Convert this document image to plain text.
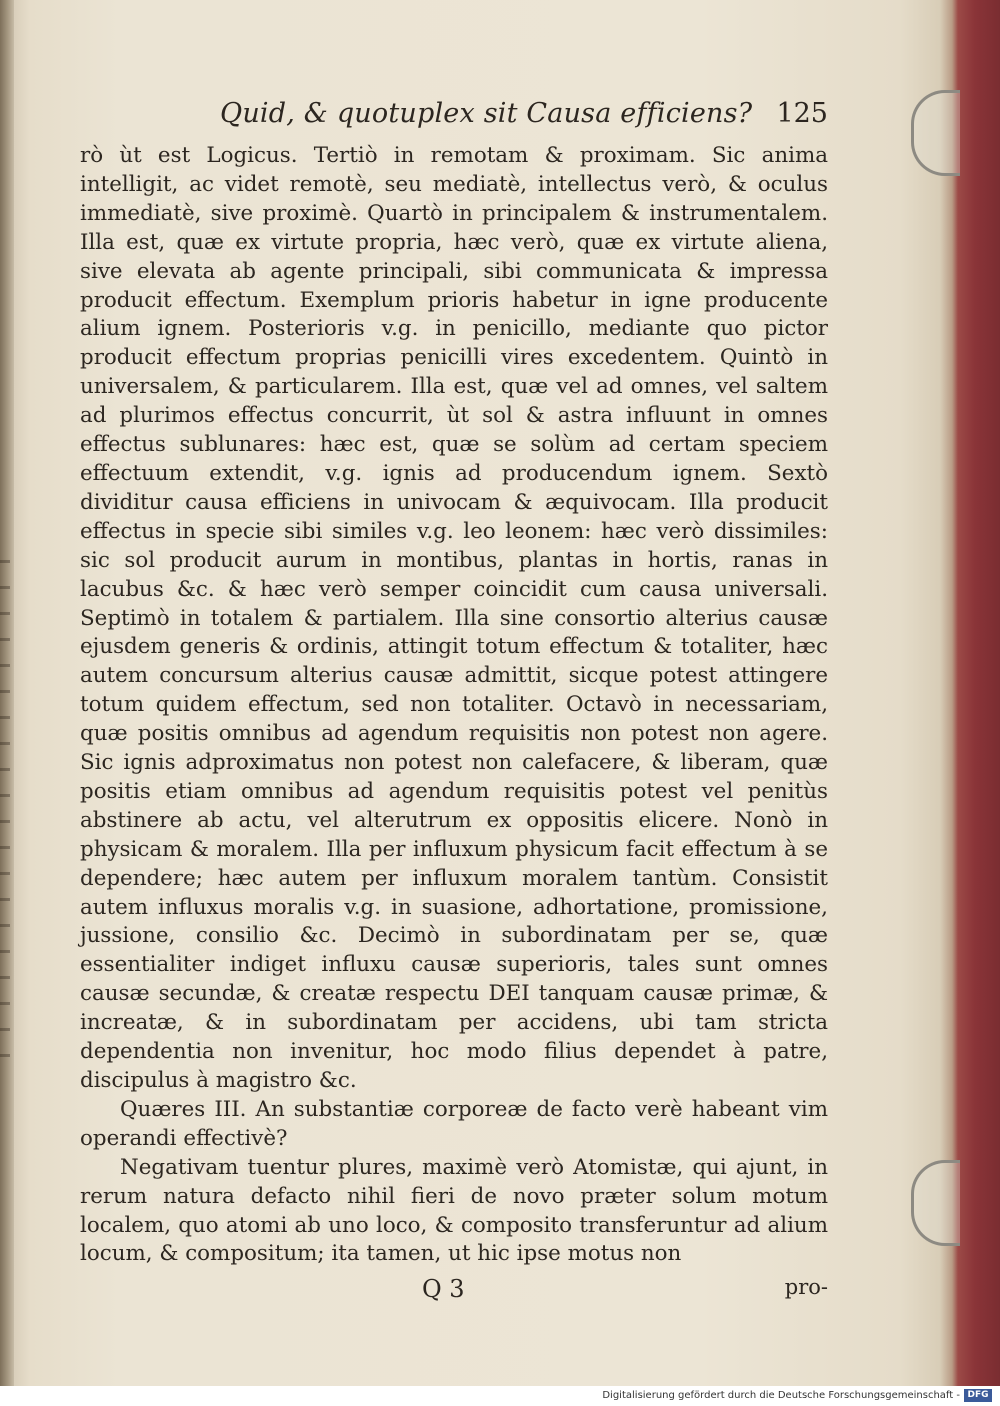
Quid, & quotuplex sit Causa efficiens? 125

rò ùt est Logicus. Tertiò in remotam & proximam. Sic anima intelligit, ac videt remotè, seu mediatè, intellectus verò, & oculus immediatè, sive proximè. Quartò in principalem & instrumentalem. Illa est, quæ ex virtute propria, hæc verò, quæ ex virtute aliena, sive elevata ab agente principali, sibi communicata & impressa producit effectum. Exemplum prioris habetur in igne producente alium ignem. Posterioris v.g. in penicillo, mediante quo pictor producit effectum proprias penicilli vires excedentem. Quintò in universalem, & particularem. Illa est, quæ vel ad omnes, vel saltem ad plurimos effectus concurrit, ùt sol & astra influunt in omnes effectus sublunares: hæc est, quæ se solùm ad certam speciem effectuum extendit, v.g. ignis ad producendum ignem. Sextò dividitur causa efficiens in univocam & æquivocam. Illa producit effectus in specie sibi similes v.g. leo leonem: hæc verò dissimiles: sic sol producit aurum in montibus, plantas in hortis, ranas in lacubus &c. & hæc verò semper coincidit cum causa universali. Septimò in totalem & partialem. Illa sine consortio alterius causæ ejusdem generis & ordinis, attingit totum effectum & totaliter, hæc autem concursum alterius causæ admittit, sicque potest attingere totum quidem effectum, sed non totaliter. Octavò in necessariam, quæ positis omnibus ad agendum requisitis non potest non agere. Sic ignis adproximatus non potest non calefacere, & liberam, quæ positis etiam omnibus ad agendum requisitis potest vel penitùs abstinere ab actu, vel alterutrum ex oppositis elicere. Nonò in physicam & moralem. Illa per influxum physicum facit effectum à se dependere; hæc autem per influxum moralem tantùm. Consistit autem influxus moralis v.g. in suasione, adhortatione, promissione, jussione, consilio &c. Decimò in subordinatam per se, quæ essentialiter indiget influxu causæ superioris, tales sunt omnes causæ secundæ, & creatæ respectu DEI tanquam causæ primæ, & increatæ, & in subordinatam per accidens, ubi tam stricta dependentia non invenitur, hoc modo filius dependet à patre, discipulus à magistro &c.

Quæres III. An substantiæ corporeæ de facto verè habeant vim operandi effectivè?

Negativam tuentur plures, maximè verò Atomistæ, qui ajunt, in rerum natura defacto nihil fieri de novo præter solum motum localem, quo atomi ab uno loco, & composito transferuntur ad alium locum, & compositum; ita tamen, ut hic ipse motus non

Q 3	pro-
Digitalisierung gefördert durch die Deutsche Forschungsgemeinschaft - DFG
